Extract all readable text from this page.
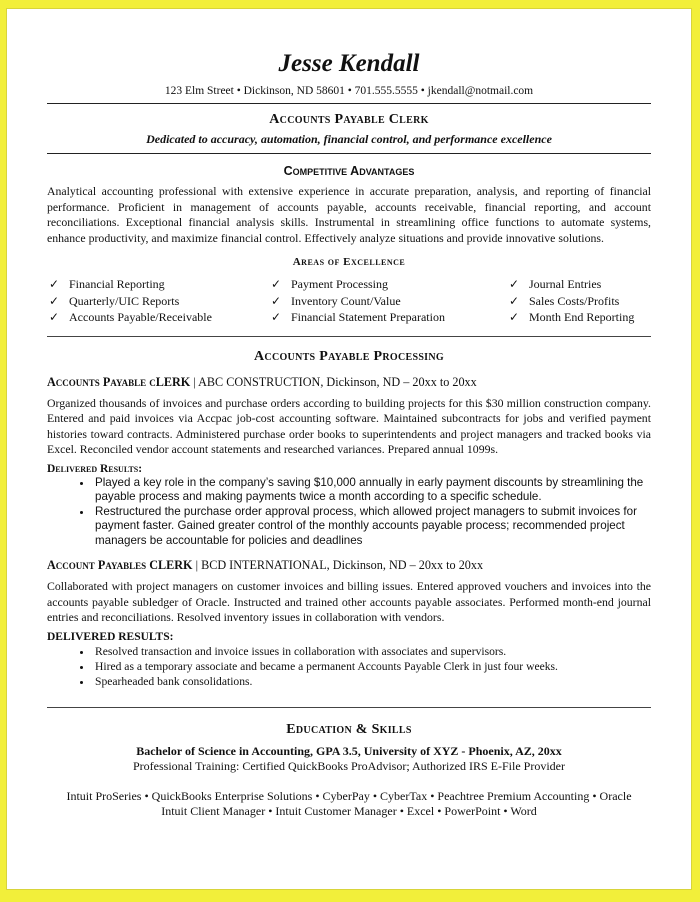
Jesse Kendall
123 Elm Street • Dickinson, ND 58601 • 701.555.5555 • jkendall@notmail.com
Accounts Payable Clerk
Dedicated to accuracy, automation, financial control, and performance excellence
Competitive Advantages
Analytical accounting professional with extensive experience in accurate preparation, analysis, and reporting of financial performance. Proficient in management of accounts payable, accounts receivable, financial reporting, and account reconciliations. Exceptional financial analysis skills. Instrumental in streamlining office functions to automate systems, enhance productivity, and maximize financial control. Effectively analyze situations and provide innovative solutions.
Areas of Excellence
✓ Financial Reporting	✓ Payment Processing	✓ Journal Entries
✓ Quarterly/UIC Reports	✓ Inventory Count/Value	✓ Sales Costs/Profits
✓ Accounts Payable/Receivable	✓ Financial Statement Preparation	✓ Month End Reporting
Accounts Payable Processing
Accounts Payable cLERK | ABC CONSTRUCTION, Dickinson, ND – 20xx to 20xx
Organized thousands of invoices and purchase orders according to building projects for this $30 million construction company. Entered and paid invoices via Accpac job-cost accounting software. Maintained subcontracts for jobs and verified payment histories toward contracts. Administered purchase order books to superintendents and project managers and tracked books via Excel. Reconciled vendor account statements and researched variances. Prepared annual 1099s.
Delivered Results:
• Played a key role in the company’s saving $10,000 annually in early payment discounts by streamlining the payable process and making payments twice a month according to a specific schedule.
• Restructured the purchase order approval process, which allowed project managers to submit invoices for payment faster. Gained greater control of the monthly accounts payable process; recommended project managers be accountable for policies and deadlines
Account Payables CLERK | BCD INTERNATIONAL, Dickinson, ND – 20xx to 20xx
Collaborated with project managers on customer invoices and billing issues. Entered approved vouchers and invoices into the accounts payable subledger of Oracle. Instructed and trained other accounts payable associates. Performed month-end journal entries and reconciliations. Resolved inventory issues in collaboration with vendors.
DELIVERED RESULTS:
• Resolved transaction and invoice issues in collaboration with associates and supervisors.
• Hired as a temporary associate and became a permanent Accounts Payable Clerk in just four weeks.
• Spearheaded bank consolidations.
Education & Skills
Bachelor of Science in Accounting, GPA 3.5, University of XYZ - Phoenix, AZ, 20xx
Professional Training: Certified QuickBooks ProAdvisor; Authorized IRS E-File Provider
Intuit ProSeries • QuickBooks Enterprise Solutions • CyberPay • CyberTax • Peachtree Premium Accounting • Oracle
Intuit Client Manager • Intuit Customer Manager • Excel • PowerPoint • Word
